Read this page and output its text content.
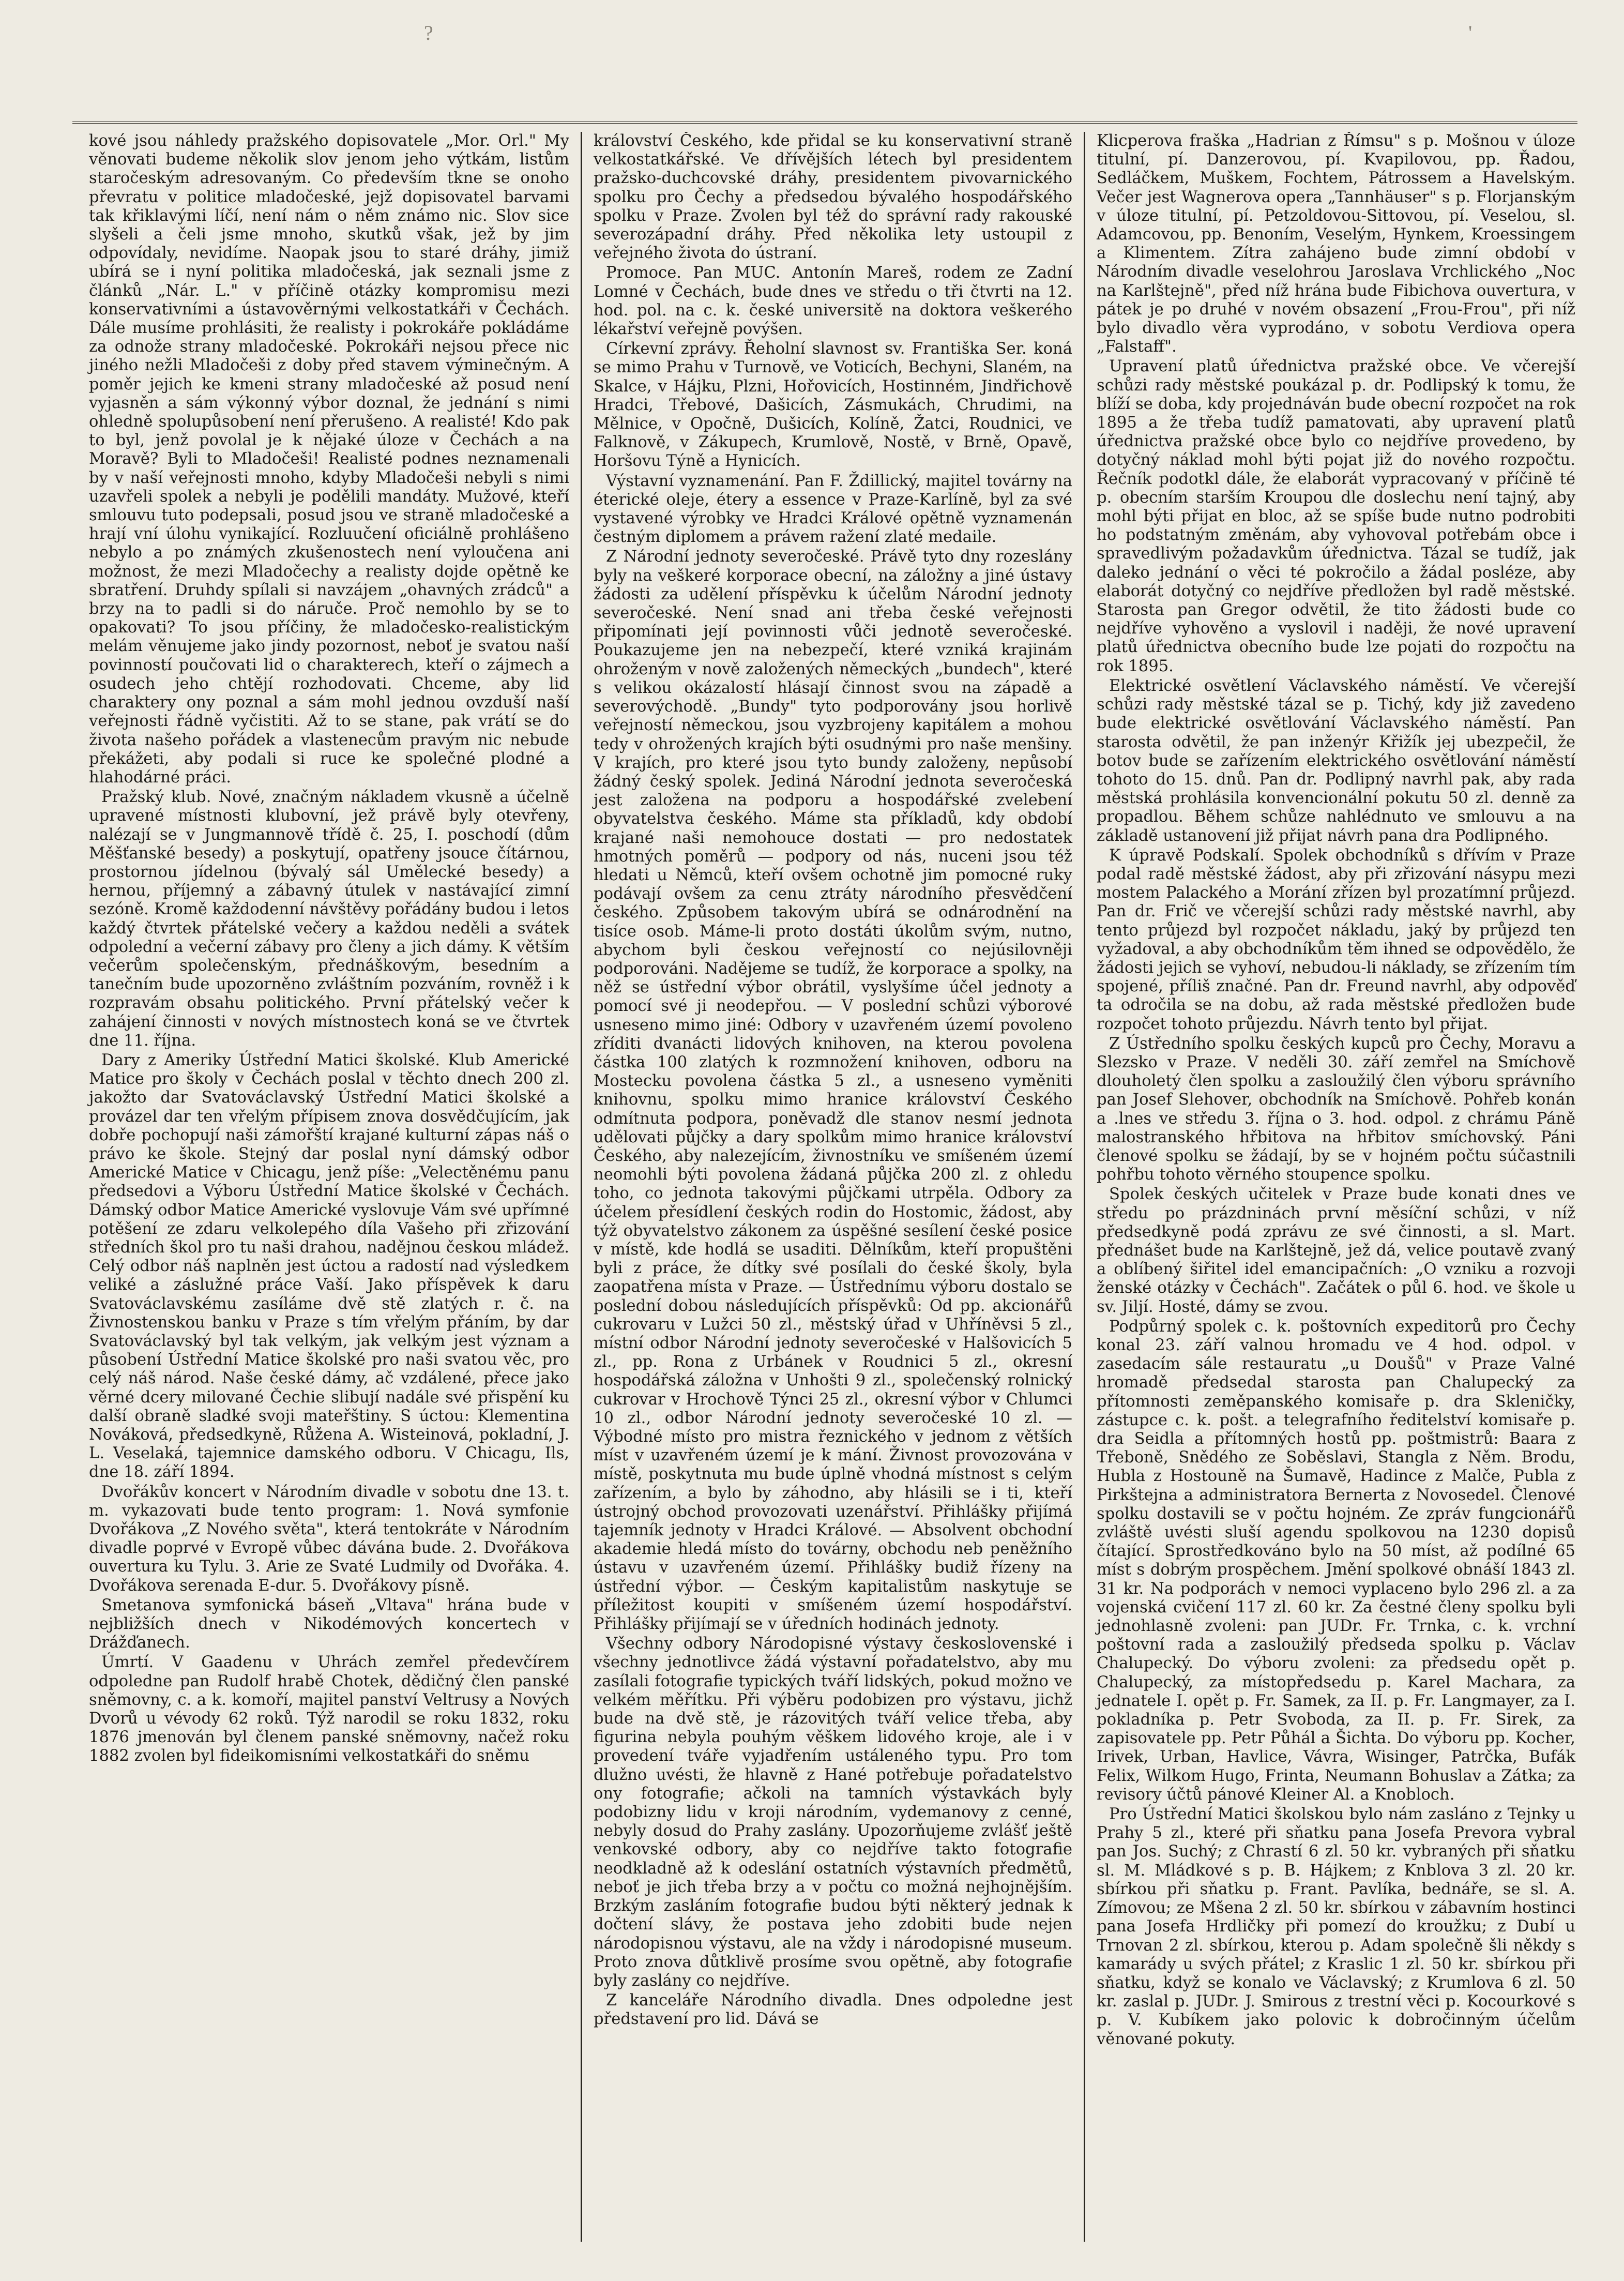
?	'

kové jsou náhledy pražského dopisovatele „Mor. Orl." My věnovati budeme několik slov jenom jeho výtkám, listům staročeským adresovaným. Co především tkne se onoho převratu v politice mladočeské, jejž dopisovatel barvami tak křiklavými líčí, není nám o něm známo nic. Slov sice slyšeli a čeli jsme mnoho, skutků však, jež by jim odpovídaly, nevidíme. Naopak jsou to staré dráhy, jimiž ubírá se i nyní politika mladočeská, jak seznali jsme z článků „Nár. L." v příčině otázky kompromisu mezi konservativními a ústavověrnými velkostatkáři v Čechách. Dále musíme prohlásiti, že realisty i pokrokáře pokládáme za odnože strany mladočeské. Pokrokáři nejsou přece nic jiného nežli Mladočeši z doby před stavem výminečným. A poměr jejich ke kmeni strany mladočeské až posud není vyjasněn a sám výkonný výbor doznal, že jednání s nimi ohledně spolupůsobení není přerušeno. A realisté! Kdo pak to byl, jenž povolal je k nějaké úloze v Čechách a na Moravě? Byli to Mladočeši! Realisté podnes neznamenali by v naší veřejnosti mnoho, kdyby Mladočeši nebyli s nimi uzavřeli spolek a nebyli je podělili mandáty. Mužové, kteří smlouvu tuto podepsali, posud jsou ve straně mladočeské a hrají vní úlohu vynikající. Rozluučení oficiálně prohlášeno nebylo a po známých zkušenostech není vyloučena ani možnost, že mezi Mladočechy a realisty dojde opětně ke sbratření. Druhdy spílali si navzájem „ohavných zrádců" a brzy na to padli si do náruče. Proč nemohlo by se to opakovati? To jsou příčiny, že mladočesko-realistickým melám věnujeme jako jindy pozornost, neboť je svatou naší povinností poučovati lid o charakterech, kteří o zájmech a osudech jeho chtějí rozhodovati. Chceme, aby lid charaktery ony poznal a sám mohl jednou ovzduší naší veřejnosti řádně vyčistiti. Až to se stane, pak vrátí se do života našeho pořádek a vlastenecům pravým nic nebude překážeti, aby podali si ruce ke společné plodné a hlahodárné práci.

Pražský klub. Nové, značným nákladem vkusně a účelně upravené místnosti klubovní, jež právě byly otevřeny, nalézají se v Jungmannově třídě č. 25, I. poschodí (dům Měšťanské besedy) a poskytují, opatřeny jsouce čítárnou, prostornou jídelnou (bývalý sál Umělecké besedy) a hernou, příjemný a zábavný útulek v nastávající zimní sezóně. Kromě každodenní návštěvy pořádány budou i letos každý čtvrtek přátelské večery a každou neděli a svátek odpolední a večerní zábavy pro členy a jich dámy. K větším večerům společenským, přednáškovým, besedním a tanečním bude upozorněno zvláštním pozváním, rovněž i k rozpravám obsahu politického. První přátelský večer k zahájení činnosti v nových místnostech koná se ve čtvrtek dne 11. října.

Dary z Ameriky Ústřední Matici školské. Klub Americké Matice pro školy v Čechách poslal v těchto dnech 200 zl. jakožto dar Svatováclavský Ústřední Matici školské a provázel dar ten vřelým přípisem znova dosvědčujícím, jak dobře pochopují naši zámořští krajané kulturní zápas náš o právo ke škole. Stejný dar poslal nyní dámský odbor Americké Matice v Chicagu, jenž píše: „Velectěnému panu předsedovi a Výboru Ústřední Matice školské v Čechách. Dámský odbor Matice Americké vyslovuje Vám své upřímné potěšení ze zdaru velkolepého díla Vašeho při zřizování středních škol pro tu naši drahou, nadějnou českou mládež. Celý odbor náš naplněn jest úctou a radostí nad výsledkem veliké a záslužné práce Vaší. Jako příspěvek k daru Svatováclavskému zasíláme dvě stě zlatých r. č. na Živnostenskou banku v Praze s tím vřelým přáním, by dar Svatováclavský byl tak velkým, jak velkým jest význam a působení Ústřední Matice školské pro naši svatou věc, pro celý náš národ. Naše české dámy, ač vzdálené, přece jako věrné dcery milované Čechie slibují nadále své přispění ku další obraně sladké svoji mateřštiny. S úctou: Klementina Nováková, předsedkyně, Růžena A. Wisteinová, pokladní, J. L. Veselaká, tajemnice damského odboru. V Chicagu, Ils, dne 18. září 1894.

Dvořákův koncert v Národním divadle v sobotu dne 13. t. m. vykazovati bude tento program: 1. Nová symfonie Dvořákova „Z Nového světa", která tentokráte v Národním divadle poprvé v Evropě vůbec dávána bude. 2. Dvořákova ouvertura ku Tylu. 3. Arie ze Svaté Ludmily od Dvořáka. 4. Dvořákova serenada E-dur. 5. Dvořákovy písně.

Smetanova symfonická báseň „Vltava" hrána bude v nejbližších dnech v Nikodémových koncertech v Drážďanech.

Úmrtí. V Gaadenu v Uhrách zemřel předevčírem odpoledne pan Rudolf hrabě Chotek, dědičný člen panské sněmovny, c. a k. komoří, majitel panství Veltrusy a Nových Dvorů u vévody 62 roků. Týž narodil se roku 1832, roku 1876 jmenován byl členem panské sněmovny, načež roku 1882 zvolen byl fideikomisními velkostatkáři do sněmu

království Českého, kde přidal se ku konservativní straně velkostatkářské. Ve dřívějších létech byl presidentem pražsko-duchcovské dráhy, presidentem pivovarnického spolku pro Čechy a předsedou bývalého hospodářského spolku v Praze. Zvolen byl též do správní rady rakouské severozápadní dráhy. Před několika lety ustoupil z veřejného života do ústraní.

Promoce. Pan MUC. Antonín Mareš, rodem ze Zadní Lomné v Čechách, bude dnes ve středu o tři čtvrti na 12. hod. pol. na c. k. české universitě na doktora veškerého lékařství veřejně povýšen.

Církevní zprávy. Řeholní slavnost sv. Františka Ser. koná se mimo Prahu v Turnově, ve Voticích, Bechyni, Slaném, na Skalce, v Hájku, Plzni, Hořovicích, Hostinném, Jindřichově Hradci, Třebové, Dašicích, Zásmukách, Chrudimi, na Mělnice, v Opočně, Dušicích, Kolíně, Žatci, Roudnici, ve Falknově, v Zákupech, Krumlově, Nostě, v Brně, Opavě, Horšovu Týně a Hynicích.

Výstavní vyznamenání. Pan F. Ždillický, majitel továrny na éterické oleje, étery a essence v Praze-Karlíně, byl za své vystavené výrobky ve Hradci Králové opětně vyznamenán čestným diplomem a právem ražení zlaté medaile.

Z Národní jednoty severočeské. Právě tyto dny rozeslány byly na veškeré korporace obecní, na záložny a jiné ústavy žádosti za udělení příspěvku k účelům Národní jednoty severočeské. Není snad ani třeba české veřejnosti připomínati její povinnosti vůči jednotě severočeské. Poukazujeme jen na nebezpečí, které vzniká krajinám ohroženým v nově založených německých „bundech", které s velikou okázalostí hlásají činnost svou na západě a severovýchodě. „Bundy" tyto podporovány jsou horlivě veřejností německou, jsou vyzbrojeny kapitálem a mohou tedy v ohrožených krajích býti osudnými pro naše menšiny. V krajích, pro které jsou tyto bundy založeny, nepůsobí žádný český spolek. Jediná Národní jednota severočeská jest založena na podporu a hospodářské zvelebení obyvatelstva českého. Máme sta příkladů, kdy období krajané naši nemohouce dostati — pro nedostatek hmotných poměrů — podpory od nás, nuceni jsou též hledati u Němců, kteří ovšem ochotně jim pomocné ruky podávají ovšem za cenu ztráty národního přesvědčení českého. Způsobem takovým ubírá se odnárodnění na tisíce osob. Máme-li proto dostáti úkolům svým, nutno, abychom byli českou veřejností co nejúsilovněji podporováni. Nadějeme se tudíž, že korporace a spolky, na něž se ústřední výbor obrátil, vyslyšíme účel jednoty a pomocí své ji neodepřou. — V poslední schůzi výborové usneseno mimo jiné: Odbory v uzavřeném území povoleno zříditi dvanácti lidových knihoven, na kterou povolena částka 100 zlatých k rozmnožení knihoven, odboru na Mostecku povolena částka 5 zl., a usneseno vyměniti knihovnu, spolku mimo hranice království Českého odmítnuta podpora, poněvadž dle stanov nesmí jednota udělovati půjčky a dary spolkům mimo hranice království Českého, aby nalezejícím, živnostníku ve smíšeném území neomohli býti povolena žádaná půjčka 200 zl. z ohledu toho, co jednota takovými půjčkami utrpěla. Odbory za účelem přesídlení českých rodin do Hostomic, žádost, aby týž obyvatelstvo zákonem za úspěšné sesílení české posice v místě, kde hodlá se usaditi. Dělníkům, kteří propuštěni byli z práce, že dítky své posílali do české školy, byla zaopatřena místa v Praze. — Ústřednímu výboru dostalo se poslední dobou následujících příspěvků: Od pp. akcionářů cukrovaru v Lužci 50 zl., městský úřad v Uhříněvsi 5 zl., místní odbor Národní jednoty severočeské v Halšovicích 5 zl., pp. Rona z Urbánek v Roudnici 5 zl., okresní hospodářská záložna v Unhošti 9 zl., společenský rolnický cukrovar v Hrochově Týnci 25 zl., okresní výbor v Chlumci 10 zl., odbor Národní jednoty severočeské 10 zl. — Výbodné místo pro mistra řeznického v jednom z větších míst v uzavřeném území je k mání. Živnost provozována v místě, poskytnuta mu bude úplně vhodná místnost s celým zařízením, a bylo by záhodno, aby hlásili se i ti, kteří ústrojný obchod provozovati uzenářství. Přihlášky přijímá tajemník jednoty v Hradci Králové. — Absolvent obchodní akademie hledá místo do továrny, obchodu neb peněžního ústavu v uzavřeném území. Přihlášky budiž řízeny na ústřední výbor. — Českým kapitalistům naskytuje se příležitost koupiti v smíšeném území hospodářství. Přihlášky přijímají se v úředních hodinách jednoty.

Všechny odbory Národopisné výstavy československé i všechny jednotlivce žádá výstavní pořadatelstvo, aby mu zasílali fotografie typických tváří lidských, pokud možno ve velkém měřítku. Při výběru podobizen pro výstavu, jichž bude na dvě stě, je rázovitých tváří velice třeba, aby figurina nebyla pouhým věškem lidového kroje, ale i v provedení tváře vyjadřením ustáleného typu. Pro tom dlužno uvésti, že hlavně z Hané potřebuje pořadatelstvo ony fotografie; ačkoli na tamních výstavkách byly podobizny lidu v kroji národním, vydemanovy z cenné, nebyly dosud do Prahy zaslány. Upozorňujeme zvlášť ještě venkovské odbory, aby co nejdříve takto fotografie neodkladně až k odeslání ostatních výstavních předmětů, neboť je jich třeba brzy a v počtu co možná nejhojnějším. Brzkým zasláním fotografie budou býti některý jednak k dočtení slávy, že postava jeho zdobiti bude nejen národopisnou výstavu, ale na vždy i národopisné museum. Proto znova důtklivě prosíme svou opětně, aby fotografie byly zaslány co nejdříve.

Z kanceláře Národního divadla. Dnes odpoledne jest představení pro lid. Dává se

Klicperova fraška „Hadrian z Římsu" s p. Mošnou v úloze titulní, pí. Danzerovou, pí. Kvapilovou, pp. Řadou, Sedláčkem, Muškem, Fochtem, Pátrossem a Havelským. Večer jest Wagnerova opera „Tannhäuser" s p. Florjanským v úloze titulní, pí. Petzoldovou-Sittovou, pí. Veselou, sl. Adamcovou, pp. Benoním, Veselým, Hynkem, Kroessingem a Klimentem. Zítra zahájeno bude zimní období v Národním divadle veselohrou Jaroslava Vrchlického „Noc na Karlštejně", před níž hrána bude Fibichova ouvertura, v pátek je po druhé v novém obsazení „Frou-Frou", při níž bylo divadlo věra vyprodáno, v sobotu Verdiova opera „Falstaff".

Upravení platů úřednictva pražské obce. Ve včerejší schůzi rady městské poukázal p. dr. Podlipský k tomu, že blíží se doba, kdy projednáván bude obecní rozpočet na rok 1895 a že třeba tudíž pamatovati, aby upravení platů úřednictva pražské obce bylo co nejdříve provedeno, by dotyčný náklad mohl býti pojat již do nového rozpočtu. Řečník podotkl dále, že elaborát vypracovaný v příčině té p. obecním starším Kroupou dle doslechu není tajný, aby mohl býti přijat en bloc, až se spíše bude nutno podrobiti ho podstatným změnám, aby vyhovoval potřebám obce i spravedlivým požadavkům úřednictva. Tázal se tudíž, jak daleko jednání o věci té pokročilo a žádal posléze, aby elaborát dotyčný co nejdříve předložen byl radě městské. Starosta pan Gregor odvětil, že tito žádosti bude co nejdříve vyhověno a vyslovil i naději, že nové upravení platů úřednictva obecního bude lze pojati do rozpočtu na rok 1895.

Elektrické osvětlení Václavského náměstí. Ve včerejší schůzi rady městské tázal se p. Tichý, kdy již zavedeno bude elektrické osvětlování Václavského náměstí. Pan starosta odvětil, že pan inženýr Křižík jej ubezpečil, že botov bude se zařízením elektrického osvětlování náměstí tohoto do 15. dnů. Pan dr. Podlipný navrhl pak, aby rada městská prohlásila konvencionální pokutu 50 zl. denně za propadlou. Během schůze nahlédnuto ve smlouvu a na základě ustanovení již přijat návrh pana dra Podlipného.

K úpravě Podskalí. Spolek obchodníků s dřívím v Praze podal radě městské žádost, aby při zřizování násypu mezi mostem Palackého a Morání zřízen byl prozatímní průjezd. Pan dr. Frič ve včerejší schůzi rady městské navrhl, aby tento průjezd byl rozpočet nákladu, jaký by průjezd ten vyžadoval, a aby obchodníkům těm ihned se odpovědělo, že žádosti jejich se vyhoví, nebudou-li náklady, se zřízením tím spojené, příliš značné. Pan dr. Freund navrhl, aby odpověď ta odročila se na dobu, až rada městské předložen bude rozpočet tohoto průjezdu. Návrh tento byl přijat.

Z Ústředního spolku českých kupců pro Čechy, Moravu a Slezsko v Praze. V neděli 30. září zemřel na Smíchově dlouholetý člen spolku a zasloužilý člen výboru správního pan Josef Slehover, obchodník na Smíchově. Pohřeb konán a .lnes ve středu 3. října o 3. hod. odpol. z chrámu Páně malostranského hřbitova na hřbitov smíchovský. Páni členové spolku se žádají, by se v hojném počtu súčastnili pohřbu tohoto věrného stoupence spolku.

Spolek českých učitelek v Praze bude konati dnes ve středu po prázdninách první měsíční schůzi, v níž předsedkyně podá zprávu ze své činnosti, a sl. Mart. přednášet bude na Karlštejně, jež dá, velice poutavě zvaný a oblíbený šiřitel idel emancipačních: „O vzniku a rozvoji ženské otázky v Čechách". Začátek o půl 6. hod. ve škole u sv. Jiljí. Hosté, dámy se zvou.

Podpůrný spolek c. k. poštovních expeditorů pro Čechy konal 23. září valnou hromadu ve 4 hod. odpol. v zasedacím sále restauratu „u Doušů" v Praze Valné hromadě předsedal starosta pan Chalupecký za přítomnosti zeměpanského komisaře p. dra Skleničky, zástupce c. k. pošt. a telegrafního ředitelství komisaře p. dra Seidla a přítomných hostů pp. poštmistrů: Baara z Třeboně, Snědého ze Soběslavi, Stangla z Něm. Brodu, Hubla z Hostouně na Šumavě, Hadince z Malče, Publa z Pirkštejna a administratora Bernerta z Novosedel. Členové spolku dostavili se v počtu hojném. Ze zpráv fungcionářů zvláště uvésti sluší agendu spolkovou na 1230 dopisů čítající. Sprostředkováno bylo na 50 míst, až podílné 65 míst s dobrým prospěchem. Jmění spolkové obnáší 1843 zl. 31 kr. Na podporách v nemoci vyplaceno bylo 296 zl. a za vojenská cvičení 117 zl. 60 kr. Za čestné členy spolku byli jednohlasně zvoleni: pan JUDr. Fr. Trnka, c. k. vrchní poštovní rada a zasloužilý předseda spolku p. Václav Chalupecký. Do výboru zvoleni: za předsedu opět p. Chalupecký, za místopředsedu p. Karel Machara, za jednatele I. opět p. Fr. Samek, za II. p. Fr. Langmayer, za I. pokladníka p. Petr Svoboda, za II. p. Fr. Sirek, za zapisovatele pp. Petr Půhál a Šichta. Do výboru pp. Kocher, Irivek, Urban, Havlice, Vávra, Wisinger, Patrčka, Bufák Felix, Wilkom Hugo, Frinta, Neumann Bohuslav a Zátka; za revisory účtů pánové Kleiner Al. a Knobloch.

Pro Ústřední Matici školskou bylo nám zasláno z Tejnky u Prahy 5 zl., které při sňatku pana Josefa Prevora vybral pan Jos. Suchý; z Chrastí 6 zl. 50 kr. vybraných při sňatku sl. M. Mládkové s p. B. Hájkem; z Knblova 3 zl. 20 kr. sbírkou při sňatku p. Frant. Pavlíka, bednáře, se sl. A. Zímovou; ze Mšena 2 zl. 50 kr. sbírkou v zábavním hostinci pana Josefa Hrdličky při pomezí do kroužku; z Dubí u Trnovan 2 zl. sbírkou, kterou p. Adam společně šli někdy s kamarády u svých přátel; z Kraslic 1 zl. 50 kr. sbírkou při sňatku, když se konalo ve Václavský; z Krumlova 6 zl. 50 kr. zaslal p. JUDr. J. Smirous z trestní věci p. Kocourkové s p. V. Kubíkem jako polovic k dobročinným účelům věnované pokuty.
